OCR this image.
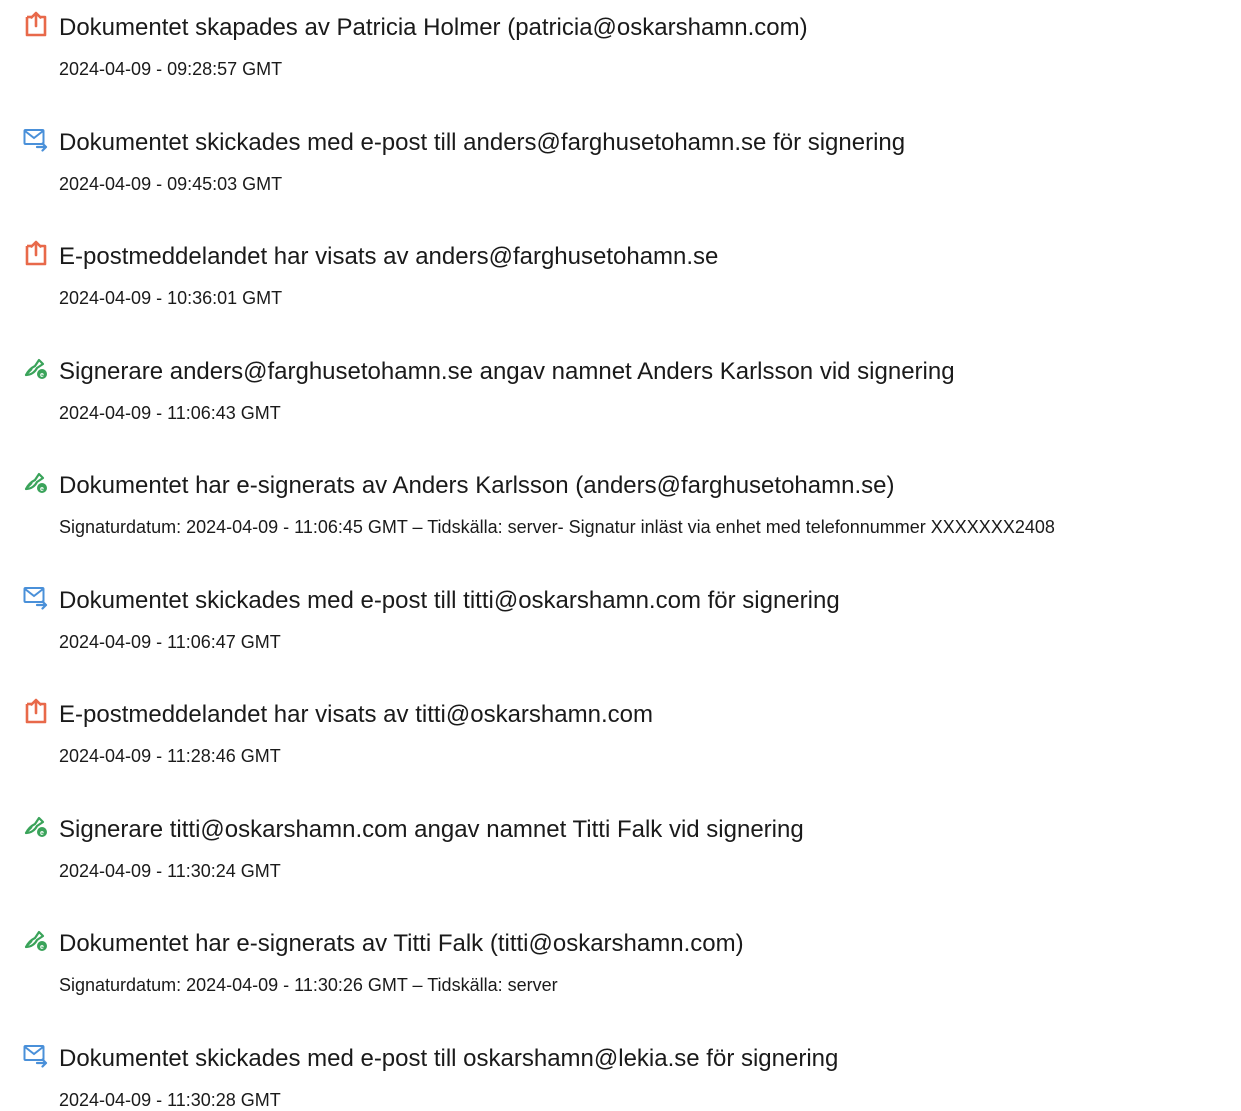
Dokumentet skapades av Patricia Holmer (patricia@oskarshamn.com)
2024-04-09 - 09:28:57 GMT
Dokumentet skickades med e-post till anders@farghusetohamn.se för signering
2024-04-09 - 09:45:03 GMT
E-postmeddelandet har visats av anders@farghusetohamn.se
2024-04-09 - 10:36:01 GMT
e Signerare anders@farghusetohamn.se angav namnet Anders Karlsson vid signering
2024-04-09 - 11:06:43 GMT
e Dokumentet har e-signerats av Anders Karlsson (anders@farghusetohamn.se)
Signaturdatum: 2024-04-09 - 11:06:45 GMT – Tidskälla: server- Signatur inläst via enhet med telefonnummer XXXXXXX2408
Dokumentet skickades med e-post till titti@oskarshamn.com för signering
2024-04-09 - 11:06:47 GMT
E-postmeddelandet har visats av titti@oskarshamn.com
2024-04-09 - 11:28:46 GMT
e Signerare titti@oskarshamn.com angav namnet Titti Falk vid signering
2024-04-09 - 11:30:24 GMT
e Dokumentet har e-signerats av Titti Falk (titti@oskarshamn.com)
Signaturdatum: 2024-04-09 - 11:30:26 GMT – Tidskälla: server
Dokumentet skickades med e-post till oskarshamn@lekia.se för signering
2024-04-09 - 11:30:28 GMT
